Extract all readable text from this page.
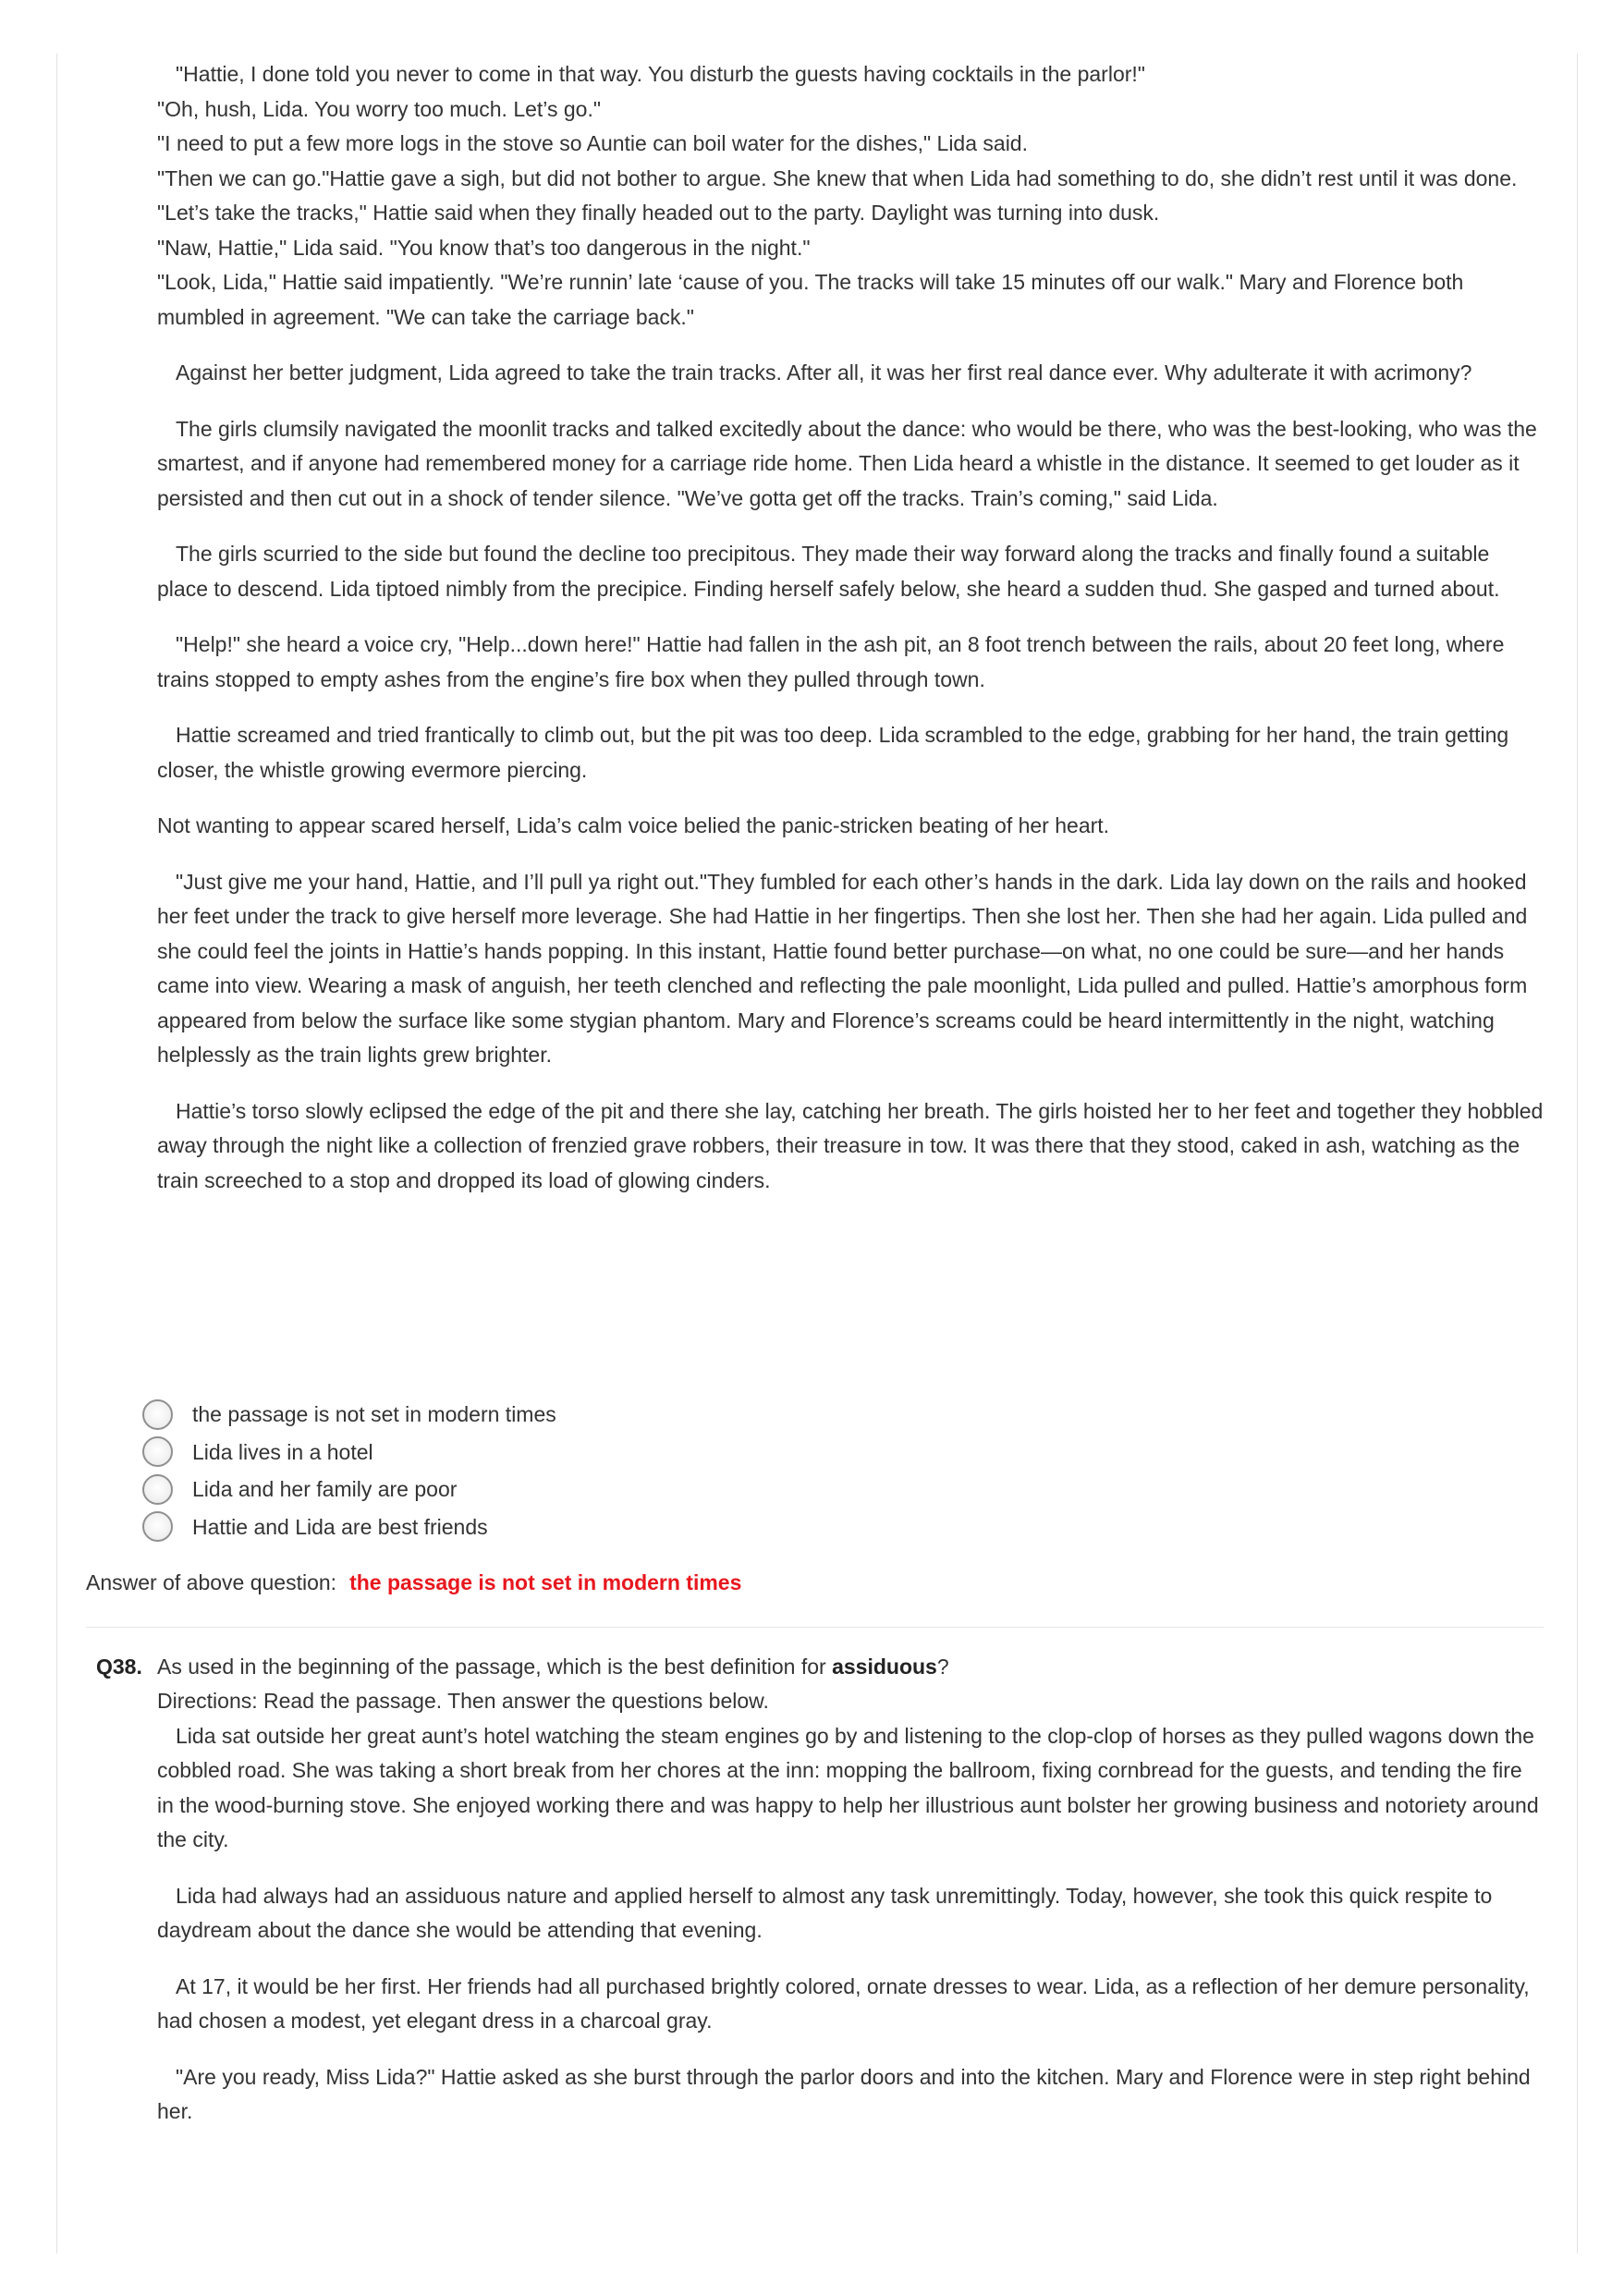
"Hattie, I done told you never to come in that way. You disturb the guests having cocktails in the parlor!"

"Oh, hush, Lida. You worry too much. Let’s go."

"I need to put a few more logs in the stove so Auntie can boil water for the dishes," Lida said.

"Then we can go."Hattie gave a sigh, but did not bother to argue. She knew that when Lida had something to do, she didn’t rest until it was done.

"Let’s take the tracks," Hattie said when they finally headed out to the party. Daylight was turning into dusk.

"Naw, Hattie," Lida said. "You know that’s too dangerous in the night."

"Look, Lida," Hattie said impatiently. "We’re runnin’ late ‘cause of you. The tracks will take 15 minutes off our walk." Mary and Florence both mumbled in agreement. "We can take the carriage back."

Against her better judgment, Lida agreed to take the train tracks. After all, it was her first real dance ever. Why adulterate it with acrimony?

The girls clumsily navigated the moonlit tracks and talked excitedly about the dance: who would be there, who was the best-looking, who was the smartest, and if anyone had remembered money for a carriage ride home. Then Lida heard a whistle in the distance. It seemed to get louder as it persisted and then cut out in a shock of tender silence. "We’ve gotta get off the tracks. Train’s coming," said Lida.

The girls scurried to the side but found the decline too precipitous. They made their way forward along the tracks and finally found a suitable place to descend. Lida tiptoed nimbly from the precipice. Finding herself safely below, she heard a sudden thud. She gasped and turned about.

"Help!" she heard a voice cry, "Help...down here!" Hattie had fallen in the ash pit, an 8 foot trench between the rails, about 20 feet long, where trains stopped to empty ashes from the engine’s fire box when they pulled through town.

Hattie screamed and tried frantically to climb out, but the pit was too deep. Lida scrambled to the edge, grabbing for her hand, the train getting closer, the whistle growing evermore piercing.

Not wanting to appear scared herself, Lida’s calm voice belied the panic-stricken beating of her heart.

"Just give me your hand, Hattie, and I’ll pull ya right out."They fumbled for each other’s hands in the dark. Lida lay down on the rails and hooked her feet under the track to give herself more leverage. She had Hattie in her fingertips. Then she lost her. Then she had her again. Lida pulled and she could feel the joints in Hattie’s hands popping. In this instant, Hattie found better purchase—on what, no one could be sure—and her hands came into view. Wearing a mask of anguish, her teeth clenched and reflecting the pale moonlight, Lida pulled and pulled. Hattie’s amorphous form appeared from below the surface like some stygian phantom. Mary and Florence’s screams could be heard intermittently in the night, watching helplessly as the train lights grew brighter.

Hattie’s torso slowly eclipsed the edge of the pit and there she lay, catching her breath. The girls hoisted her to her feet and together they hobbled away through the night like a collection of frenzied grave robbers, their treasure in tow. It was there that they stood, caked in ash, watching as the train screeched to a stop and dropped its load of glowing cinders.

the passage is not set in modern times
Lida lives in a hotel
Lida and her family are poor
Hattie and Lida are best friends
Answer of above question: the passage is not set in modern times
Q38. As used in the beginning of the passage, which is the best definition for assiduous?

Directions: Read the passage. Then answer the questions below.

Lida sat outside her great aunt’s hotel watching the steam engines go by and listening to the clop-clop of horses as they pulled wagons down the cobbled road. She was taking a short break from her chores at the inn: mopping the ballroom, fixing cornbread for the guests, and tending the fire in the wood-burning stove. She enjoyed working there and was happy to help her illustrious aunt bolster her growing business and notoriety around the city.

Lida had always had an assiduous nature and applied herself to almost any task unremittingly. Today, however, she took this quick respite to daydream about the dance she would be attending that evening.

At 17, it would be her first. Her friends had all purchased brightly colored, ornate dresses to wear. Lida, as a reflection of her demure personality, had chosen a modest, yet elegant dress in a charcoal gray.

"Are you ready, Miss Lida?" Hattie asked as she burst through the parlor doors and into the kitchen. Mary and Florence were in step right behind her.
